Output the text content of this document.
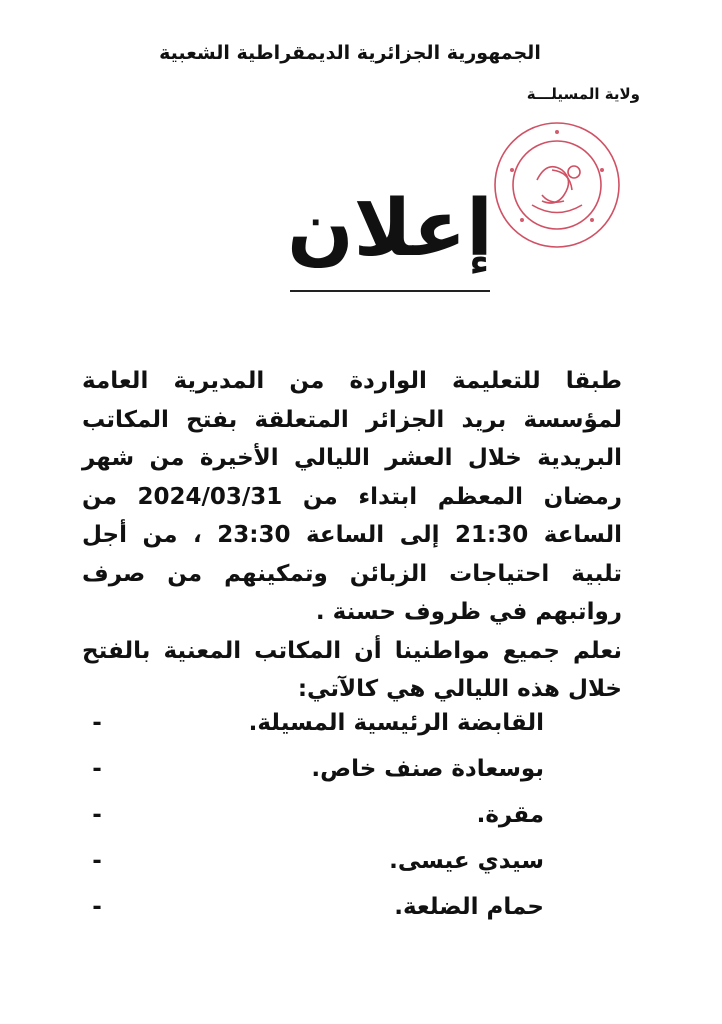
الجمهورية الجزائرية الديمقراطية الشعبية
ولاية المسيلـــة
إعلان

طبقا للتعليمة الواردة من المديرية العامة لمؤسسة بريد الجزائر المتعلقة بفتح المكاتب البريدية خلال العشر الليالي الأخيرة من شهر رمضان المعظم ابتداء من 2024/03/31 من الساعة 21:30 إلى الساعة 23:30 ، من أجل تلبية احتياجات الزبائن وتمكينهم من صرف رواتبهم في ظروف حسنة .

نعلم جميع مواطنينا أن المكاتب المعنية بالفتح خلال هذه الليالي هي كالآتي:

-	القابضة الرئيسية المسيلة.
-	بوسعادة صنف خاص.
-	مقرة.
-	سيدي عيسى.
-	حمام الضلعة.
